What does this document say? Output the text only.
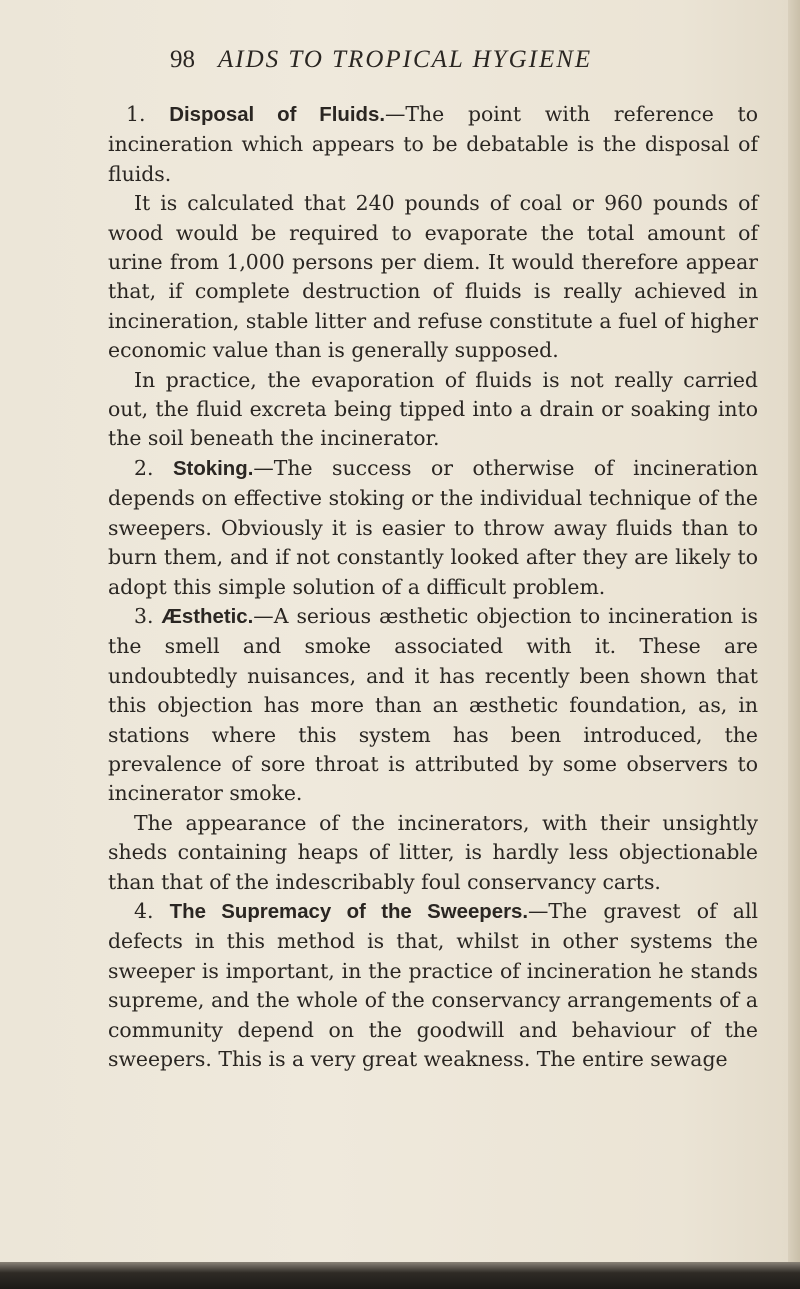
98 AIDS TO TROPICAL HYGIENE

1. Disposal of Fluids.—The point with reference to incineration which appears to be debatable is the disposal of fluids.

It is calculated that 240 pounds of coal or 960 pounds of wood would be required to evaporate the total amount of urine from 1,000 persons per diem. It would therefore appear that, if complete destruction of fluids is really achieved in incineration, stable litter and refuse constitute a fuel of higher economic value than is generally supposed.

In practice, the evaporation of fluids is not really carried out, the fluid excreta being tipped into a drain or soaking into the soil beneath the incinerator.

2. Stoking.—The success or otherwise of incineration depends on effective stoking or the individual technique of the sweepers. Obviously it is easier to throw away fluids than to burn them, and if not constantly looked after they are likely to adopt this simple solution of a difficult problem.

3. Æsthetic.—A serious æsthetic objection to incineration is the smell and smoke associated with it. These are undoubtedly nuisances, and it has recently been shown that this objection has more than an æsthetic foundation, as, in stations where this system has been introduced, the prevalence of sore throat is attributed by some observers to incinerator smoke.

The appearance of the incinerators, with their unsightly sheds containing heaps of litter, is hardly less objectionable than that of the indescribably foul conservancy carts.

4. The Supremacy of the Sweepers.—The gravest of all defects in this method is that, whilst in other systems the sweeper is important, in the practice of incineration he stands supreme, and the whole of the conservancy arrangements of a community depend on the goodwill and behaviour of the sweepers. This is a very great weakness. The entire sewage
